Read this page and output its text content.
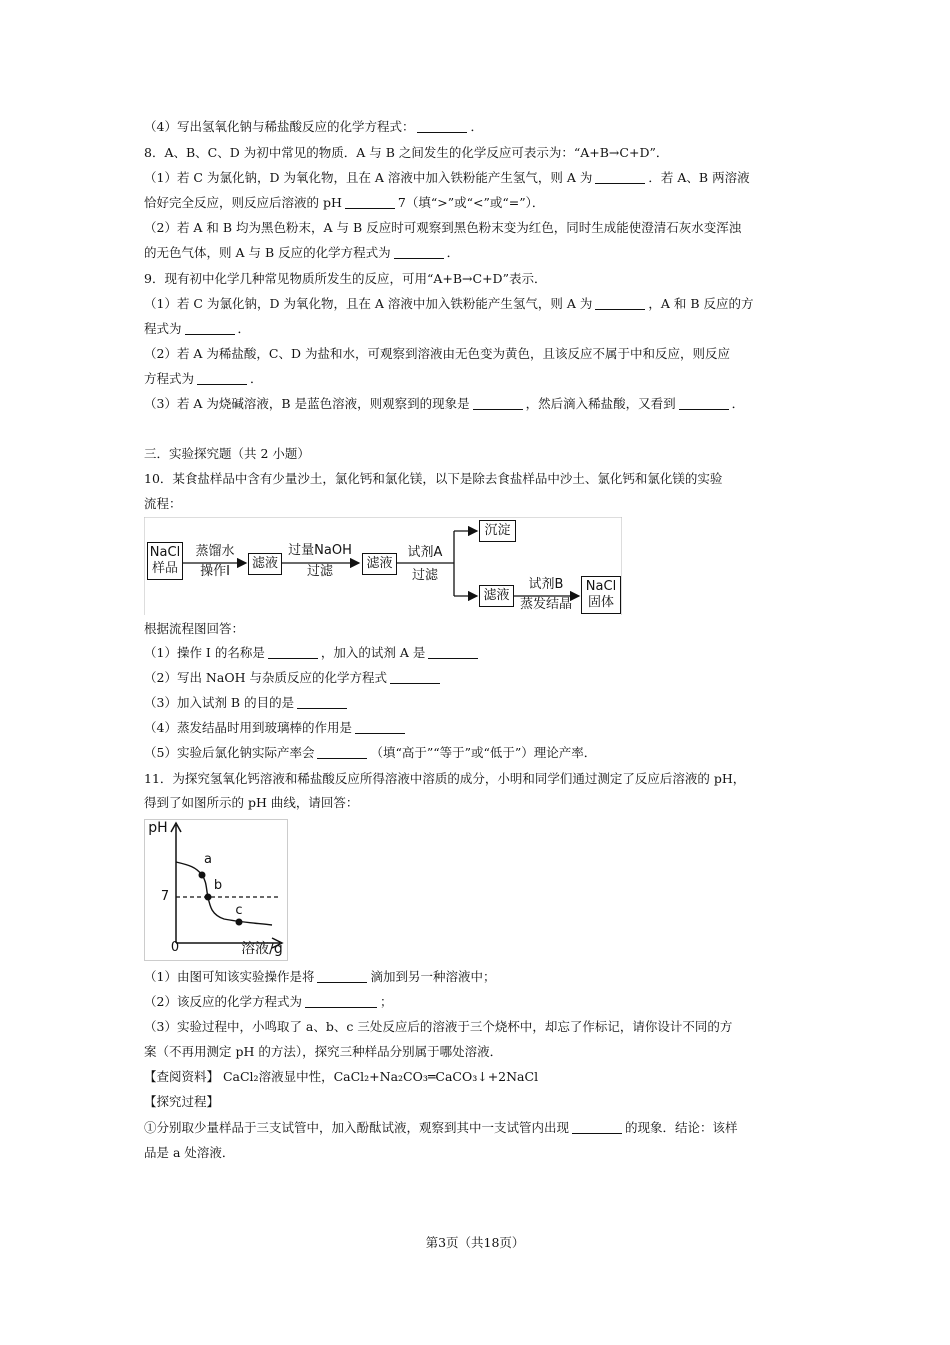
（4）写出氢氧化钠与稀盐酸反应的化学方程式：	．
8．A、B、C、D 为初中常见的物质．A 与 B 之间发生的化学反应可表示为：“A+B→C+D”．
（1）若 C 为氯化钠，D 为氧化物，且在 A 溶液中加入铁粉能产生氢气，则 A 为	．若 A、B 两溶液
恰好完全反应，则反应后溶液的 pH	7（填“>”或“<”或“=”）．
（2）若 A 和 B 均为黑色粉末，A 与 B 反应时可观察到黑色粉末变为红色，同时生成能使澄清石灰水变浑浊
的无色气体，则 A 与 B 反应的化学方程式为	．
9．现有初中化学几种常见物质所发生的反应，可用“A+B→C+D”表示．
（1）若 C 为氯化钠，D 为氧化物，且在 A 溶液中加入铁粉能产生氢气，则 A 为	，A 和 B 反应的方
程式为	．
（2）若 A 为稀盐酸，C、D 为盐和水，可观察到溶液由无色变为黄色，且该反应不属于中和反应，则反应
方程式为	．
（3）若 A 为烧碱溶液，B 是蓝色溶液，则观察到的现象是	，然后滴入稀盐酸，又看到	．
三．实验探究题（共 2 小题）
10．某食盐样品中含有少量沙土，氯化钙和氯化镁，以下是除去食盐样品中沙土、氯化钙和氯化镁的实验
流程：
NaCl
样品
蒸馏水
操作Ⅰ
滤液
过量NaOH
过滤
滤液
试剂A
过滤
沉淀
滤液
试剂B
蒸发结晶
NaCl
固体
根据流程图回答：
（1）操作 Ⅰ 的名称是	，加入的试剂 A 是
（2）写出 NaOH 与杂质反应的化学方程式
（3）加入试剂 B 的目的是
（4）蒸发结晶时用到玻璃棒的作用是
（5）实验后氯化钠实际产率会	（填“高于”“等于”或“低于”）理论产率．
11．为探究氢氧化钙溶液和稀盐酸反应所得溶液中溶质的成分，小明和同学们通过测定了反应后溶液的 pH，
得到了如图所示的 pH 曲线，请回答：
pH
7
0	溶液/g
a
b
c
（1）由图可知该实验操作是将	滴加到另一种溶液中；
（2）该反应的化学方程式为	；
（3）实验过程中，小鸣取了 a、b、c 三处反应后的溶液于三个烧杯中，却忘了作标记，请你设计不同的方
案（不再用测定 pH 的方法），探究三种样品分别属于哪处溶液．
【查阅资料】 CaCl₂溶液显中性，CaCl₂+Na₂CO₃═CaCO₃↓+2NaCl
【探究过程】
①分别取少量样品于三支试管中，加入酚酞试液，观察到其中一支试管内出现	的现象．结论：该样
品是 a 处溶液．
第3页（共18页）
